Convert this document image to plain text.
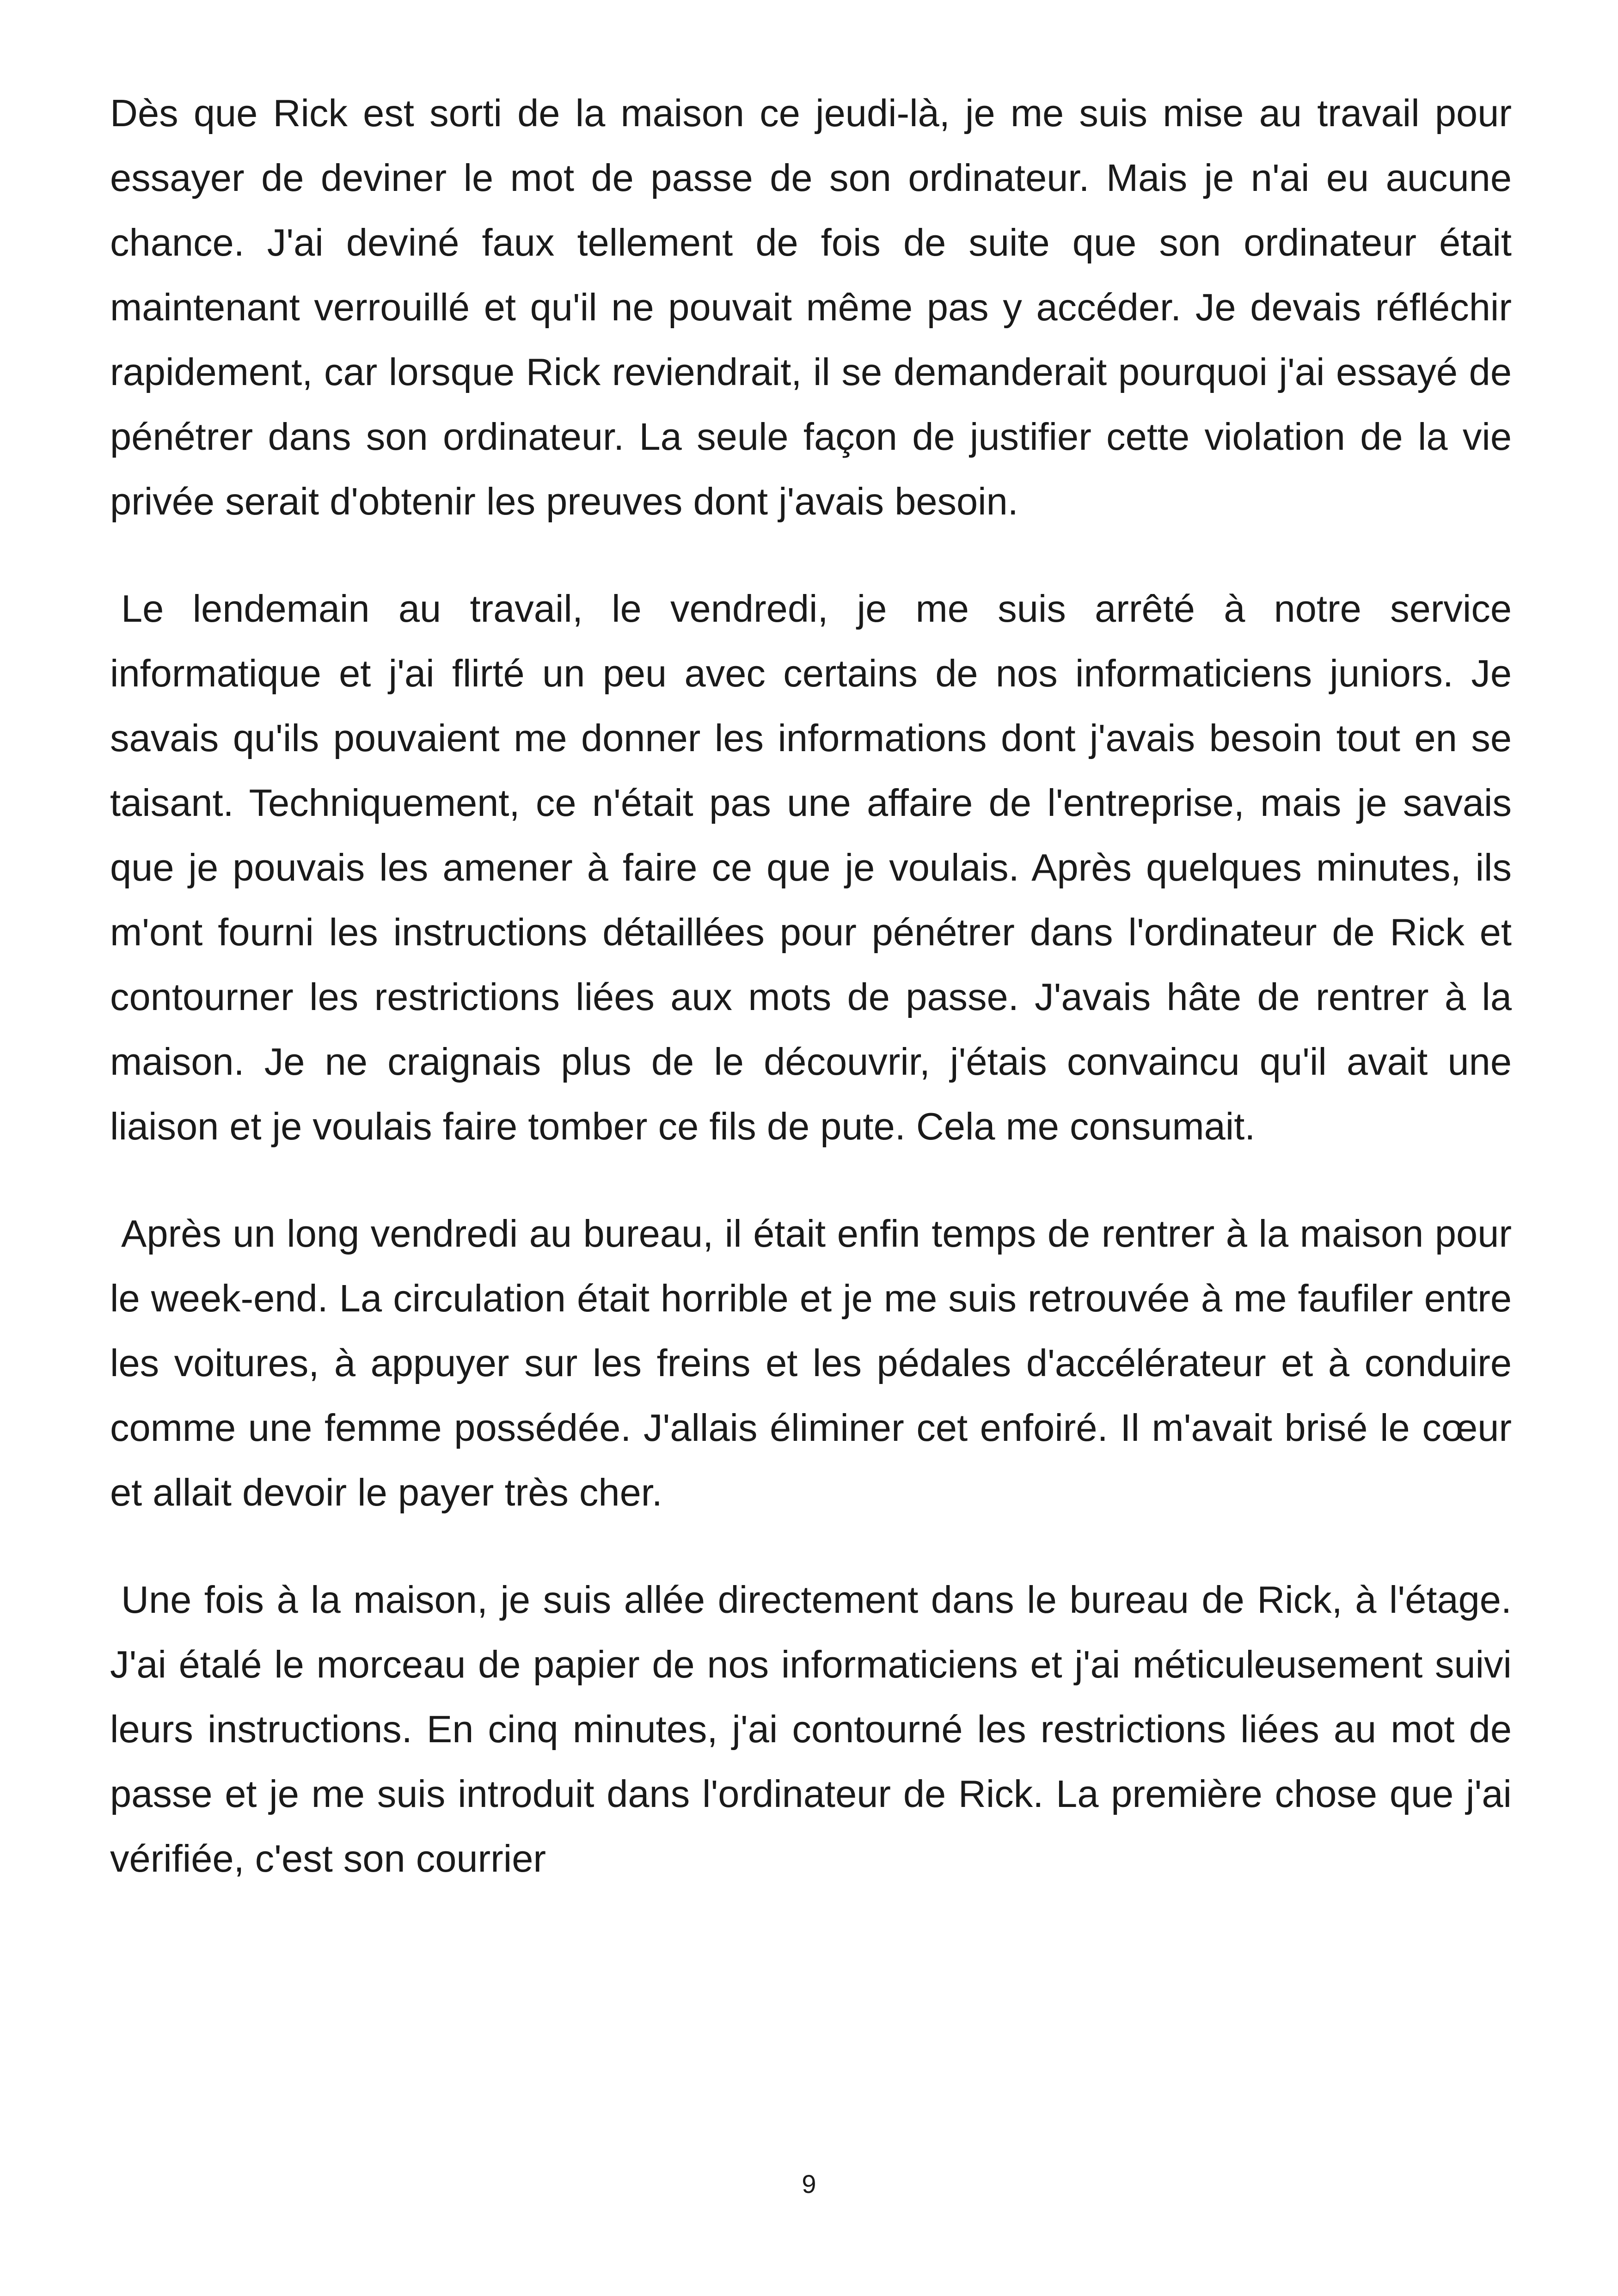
Dès que Rick est sorti de la maison ce jeudi-là, je me suis mise au travail pour essayer de deviner le mot de passe de son ordinateur. Mais je n'ai eu aucune chance. J'ai deviné faux tellement de fois de suite que son ordinateur était maintenant verrouillé et qu'il ne pouvait même pas y accéder. Je devais réfléchir rapidement, car lorsque Rick reviendrait, il se demanderait pourquoi j'ai essayé de pénétrer dans son ordinateur. La seule façon de justifier cette violation de la vie privée serait d'obtenir les preuves dont j'avais besoin.

Le lendemain au travail, le vendredi, je me suis arrêté à notre service informatique et j'ai flirté un peu avec certains de nos informaticiens juniors. Je savais qu'ils pouvaient me donner les informations dont j'avais besoin tout en se taisant. Techniquement, ce n'était pas une affaire de l'entreprise, mais je savais que je pouvais les amener à faire ce que je voulais. Après quelques minutes, ils m'ont fourni les instructions détaillées pour pénétrer dans l'ordinateur de Rick et contourner les restrictions liées aux mots de passe. J'avais hâte de rentrer à la maison. Je ne craignais plus de le découvrir, j'étais convaincu qu'il avait une liaison et je voulais faire tomber ce fils de pute. Cela me consumait.

Après un long vendredi au bureau, il était enfin temps de rentrer à la maison pour le week-end. La circulation était horrible et je me suis retrouvée à me faufiler entre les voitures, à appuyer sur les freins et les pédales d'accélérateur et à conduire comme une femme possédée. J'allais éliminer cet enfoiré. Il m'avait brisé le cœur et allait devoir le payer très cher.

Une fois à la maison, je suis allée directement dans le bureau de Rick, à l'étage. J'ai étalé le morceau de papier de nos informaticiens et j'ai méticuleusement suivi leurs instructions. En cinq minutes, j'ai contourné les restrictions liées au mot de passe et je me suis introduit dans l'ordinateur de Rick. La première chose que j'ai vérifiée, c'est son courrier

9
